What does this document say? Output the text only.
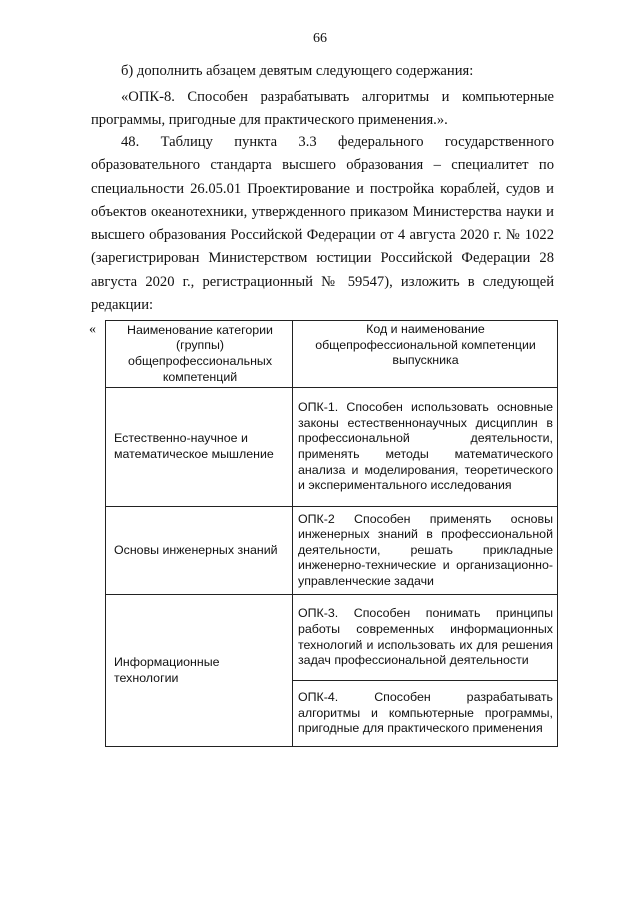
66

б) дополнить абзацем девятым следующего содержания:

«ОПК-8. Способен разрабатывать алгоритмы и компьютерные программы, пригодные для практического применения.».

48. Таблицу пункта 3.3 федерального государственного образовательного стандарта высшего образования – специалитет по специальности 26.05.01 Проектирование и постройка кораблей, судов и объектов океанотехники, утвержденного приказом Министерства науки и высшего образования Российской Федерации от 4 августа 2020 г. № 1022 (зарегистрирован Министерством юстиции Российской Федерации 28 августа 2020 г., регистрационный № 59547), изложить в следующей редакции:

«	Наименование категории (группы) общепрофессиональных компетенций	Код и наименование общепрофессиональной компетенции выпускника
Естественно-научное и математическое мышление	ОПК-1. Способен использовать основные законы естественнонаучных дисциплин в профессиональной деятельности, применять методы математического анализа и моделирования, теоретического и экспериментального исследования
Основы инженерных знаний	ОПК-2 Способен применять основы инженерных знаний в профессиональной деятельности, решать прикладные инженерно-технические и организационно-управленческие задачи
Информационные технологии	ОПК-3. Способен понимать принципы работы современных информационных технологий и использовать их для решения задач профессиональной деятельности
	ОПК-4. Способен разрабатывать алгоритмы и компьютерные программы, пригодные для практического применения
